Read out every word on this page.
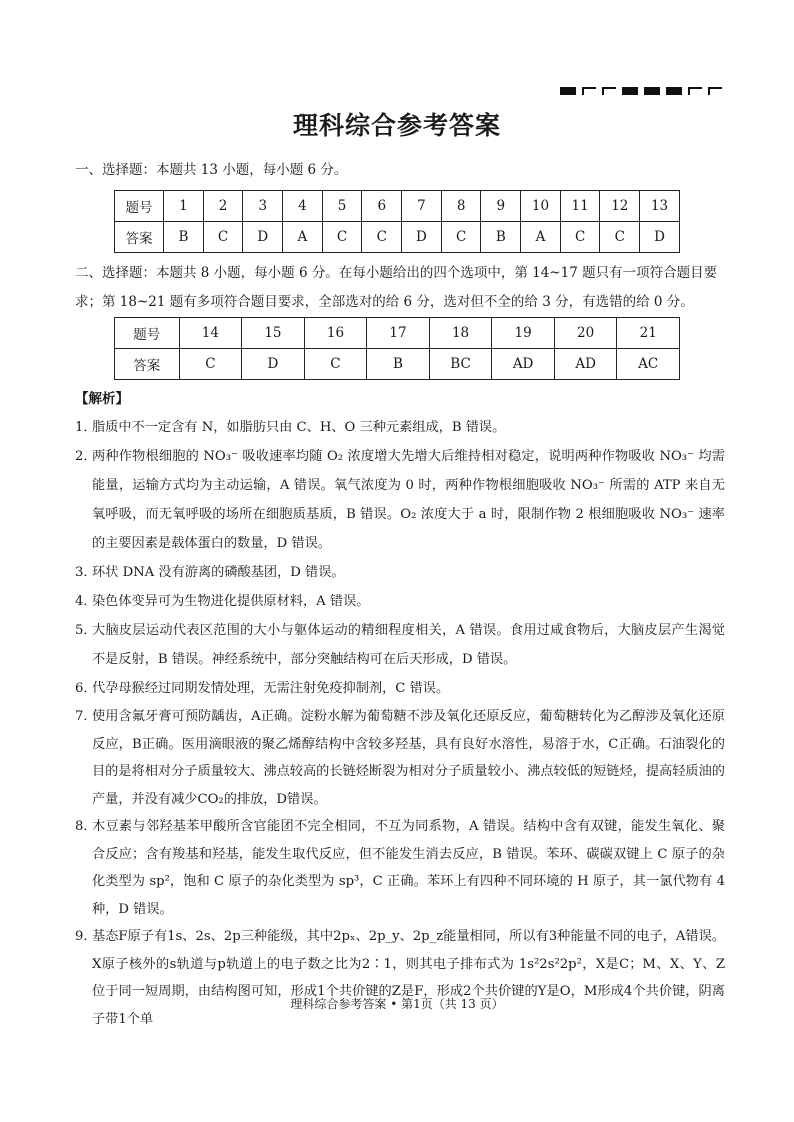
理科综合参考答案
一、选择题：本题共 13 小题，每小题 6 分。
题号	1	2	3	4	5	6	7	8	9	10	11	12	13
答案	B	C	D	A	C	C	D	C	B	A	C	C	D
二、选择题：本题共 8 小题，每小题 6 分。在每小题给出的四个选项中，第 14~17 题只有一项符合题目要求；第 18~21 题有多项符合题目要求，全部选对的给 6 分，选对但不全的给 3 分，有选错的给 0 分。
题号	14	15	16	17	18	19	20	21
答案	C	D	C	B	BC	AD	AD	AC
【解析】
1．
脂质中不一定含有 N，如脂肪只由 C、H、O 三种元素组成，B 错误。
2．
两种作物根细胞的 NO₃⁻ 吸收速率均随 O₂ 浓度增大先增大后维持相对稳定，说明两种作物吸收 NO₃⁻ 均需能量，运输方式均为主动运输，A 错误。氧气浓度为 0 时，两种作物根细胞吸收 NO₃⁻ 所需的 ATP 来自无氧呼吸，而无氧呼吸的场所在细胞质基质，B 错误。O₂ 浓度大于 a 时，限制作物 2 根细胞吸收 NO₃⁻ 速率的主要因素是载体蛋白的数量，D 错误。
3．
环状 DNA 没有游离的磷酸基团，D 错误。
4．
染色体变异可为生物进化提供原材料，A 错误。
5．
大脑皮层运动代表区范围的大小与躯体运动的精细程度相关，A 错误。食用过咸食物后，大脑皮层产生渴觉不是反射，B 错误。神经系统中，部分突触结构可在后天形成，D 错误。
6．
代孕母猴经过同期发情处理，无需注射免疫抑制剂，C 错误。
7．
使用含氟牙膏可预防龋齿，A正确。淀粉水解为葡萄糖不涉及氧化还原反应，葡萄糖转化为乙醇涉及氧化还原反应，B正确。医用滴眼液的聚乙烯醇结构中含较多羟基，具有良好水溶性，易溶于水，C正确。石油裂化的目的是将相对分子质量较大、沸点较高的长链烃断裂为相对分子质量较小、沸点较低的短链烃，提高轻质油的产量，并没有减少CO₂的排放，D错误。
8．
木豆素与邻羟基苯甲酸所含官能团不完全相同，不互为同系物，A 错误。结构中含有双键，能发生氧化、聚合反应；含有羧基和羟基，能发生取代反应，但不能发生消去反应，B 错误。苯环、碳碳双键上 C 原子的杂化类型为 sp²，饱和 C 原子的杂化类型为 sp³，C 正确。苯环上有四种不同环境的 H 原子，其一氯代物有 4 种，D 错误。
9．
基态F原子有1s、2s、2p三种能级，其中2pₓ、2p_y、2p_z能量相同，所以有3种能量不同的电子，A错误。X原子核外的s轨道与p轨道上的电子数之比为2∶1，则其电子排布式为 1s²2s²2p²，X是C；M、X、Y、Z 位于同一短周期，由结构图可知，形成1个共价键的Z是F，形成2个共价键的Y是O，M形成4个共价键，阴离子带1个单
理科综合参考答案 • 第1页（共 13 页）
